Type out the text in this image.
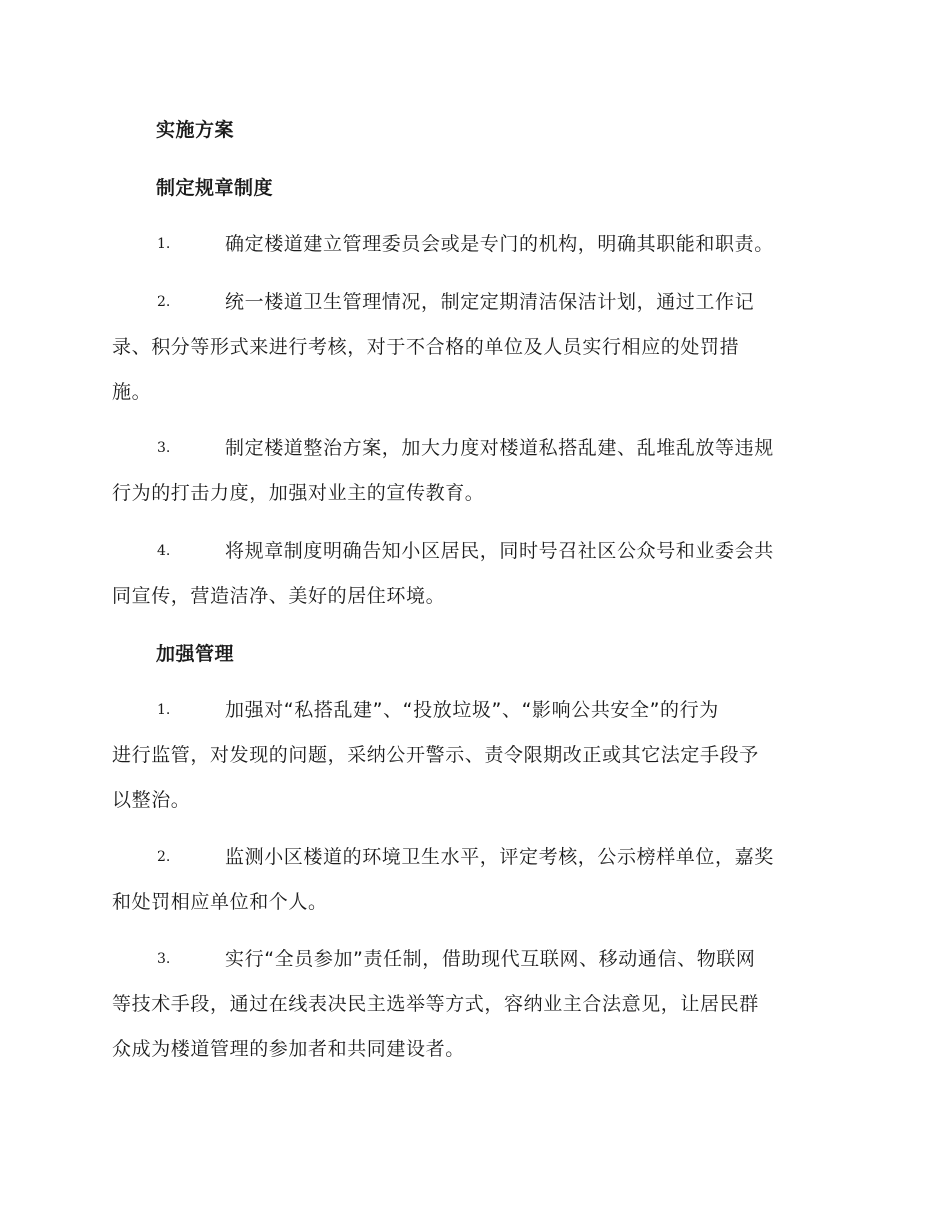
实施方案
制定规章制度
1.	确定楼道建立管理委员会或是专门的机构，明确其职能和职责。
2.	统一楼道卫生管理情况，制定定期清洁保洁计划，通过工作记
录、积分等形式来进行考核，对于不合格的单位及人员实行相应的处罚措
施。
3.	制定楼道整治方案，加大力度对楼道私搭乱建、乱堆乱放等违规
行为的打击力度，加强对业主的宣传教育。
4.	将规章制度明确告知小区居民，同时号召社区公众号和业委会共
同宣传，营造洁净、美好的居住环境。
加强管理
1.	加强对“私搭乱建”、“投放垃圾”、“影响公共安全”的行为
进行监管，对发现的问题，采纳公开警示、责令限期改正或其它法定手段予
以整治。
2.	监测小区楼道的环境卫生水平，评定考核，公示榜样单位，嘉奖
和处罚相应单位和个人。
3.	实行“全员参加”责任制，借助现代互联网、移动通信、物联网
等技术手段，通过在线表决民主选举等方式，容纳业主合法意见，让居民群
众成为楼道管理的参加者和共同建设者。
